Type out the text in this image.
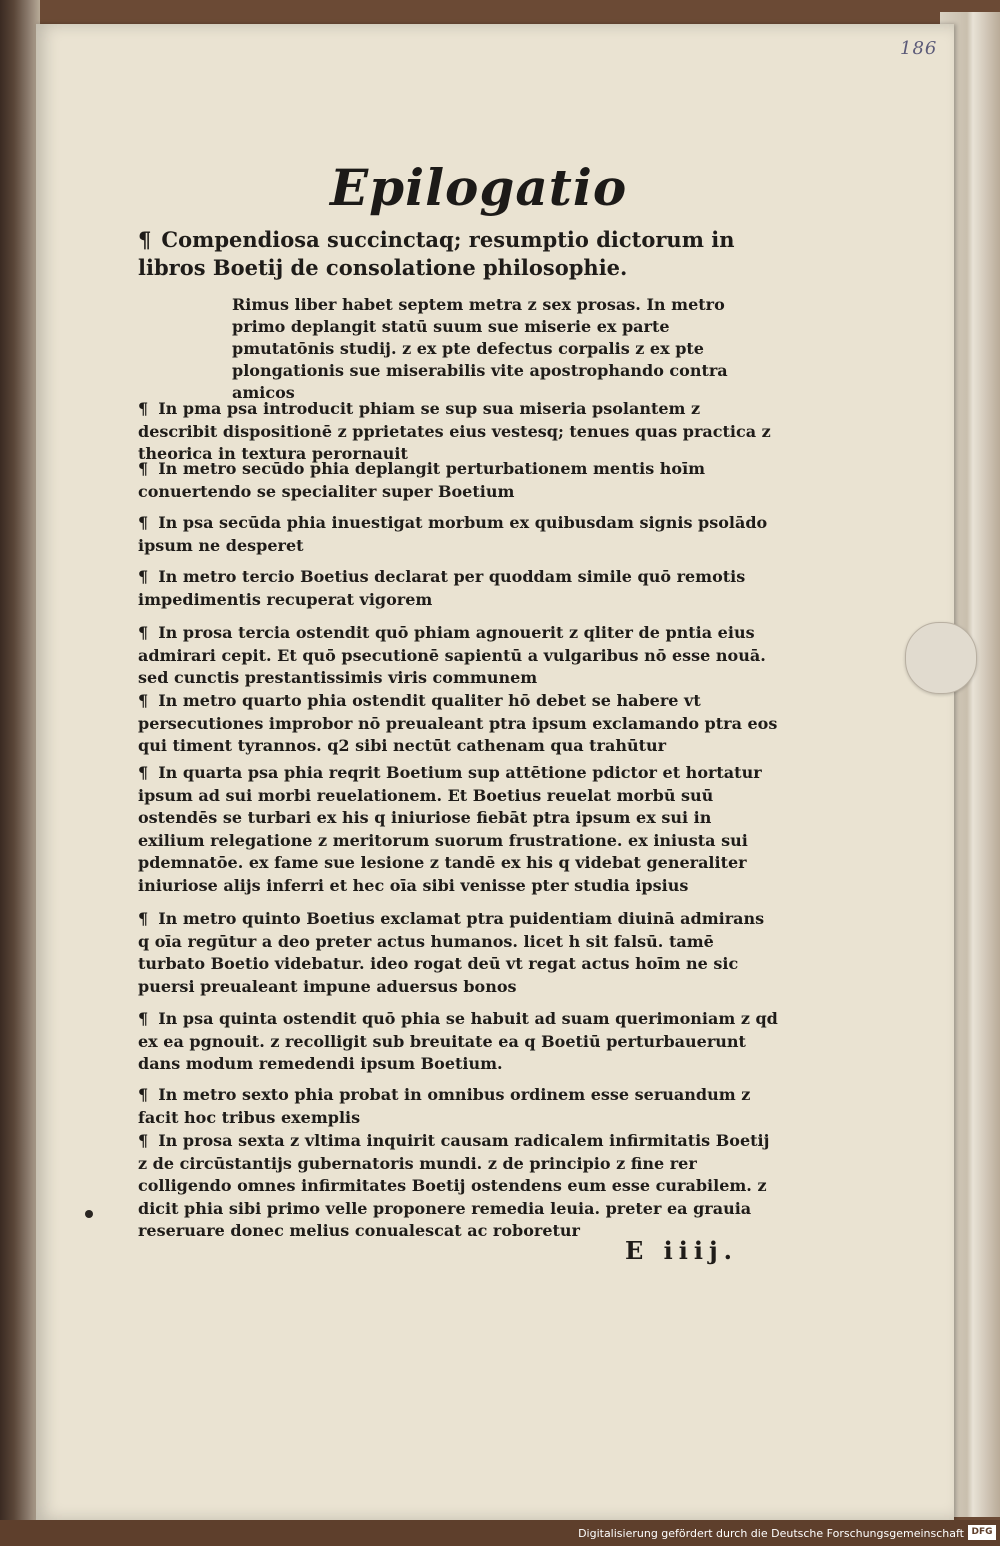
186
Epilogatio
¶ Compendiosa succinctaq; resumptio dictorum in libros Boetij de consolatione philosophie.
Rimus liber habet septem metra z sex prosas. In metro primo deplangit statū suum sue miserie ex parte pmutatōnis studij. z ex pte defectus corpalis z ex pte plongationis sue miserabilis vite apostrophando contra amicos
¶ In pma psa introducit phiam se sup sua miseria psolantem z describit dispositionē z pprietates eius vestesq; tenues quas practica z theorica in textura perornauit
¶ In metro secūdo phia deplangit perturbationem mentis hoīm conuertendo se specialiter super Boetium
¶ In psa secūda phia inuestigat morbum ex quibusdam signis psolādo ipsum ne desperet
¶ In metro tercio Boetius declarat per quoddam simile quō remotis impedimentis recuperat vigorem
¶ In prosa tercia ostendit quō phiam agnouerit z qliter de pntia eius admirari cepit. Et quō psecutionē sapientū a vulgaribus nō esse nouā. sed cunctis prestantissimis viris communem
¶ In metro quarto phia ostendit qualiter hō debet se habere vt persecutiones improbor nō preualeant ptra ipsum exclamando ptra eos qui timent tyrannos. q2 sibi nectūt cathenam qua trahūtur
¶ In quarta psa phia reqrit Boetium sup attētione pdictor et hortatur ipsum ad sui morbi reuelationem. Et Boetius reuelat morbū suū ostendēs se turbari ex his q iniuriose fiebāt ptra ipsum ex sui in exilium relegatione z meritorum suorum frustratione. ex iniusta sui pdemnatōe. ex fame sue lesione z tandē ex his q videbat generaliter iniuriose alijs inferri et hec oīa sibi venisse pter studia ipsius
¶ In metro quinto Boetius exclamat ptra puidentiam diuinā admirans q oīa regūtur a deo preter actus humanos. licet h sit falsū. tamē turbato Boetio videbatur. ideo rogat deū vt regat actus hoīm ne sic puersi preualeant impune aduersus bonos
¶ In psa quinta ostendit quō phia se habuit ad suam querimoniam z qd ex ea pgnouit. z recolligit sub breuitate ea q Boetiū perturbauerunt dans modum remedendi ipsum Boetium.
¶ In metro sexto phia probat in omnibus ordinem esse seruandum z facit hoc tribus exemplis
¶ In prosa sexta z vltima inquirit causam radicalem infirmitatis Boetij z de circūstantijs gubernatoris mundi. z de principio z fine rer colligendo omnes infirmitates Boetij ostendens eum esse curabilem. z dicit phia sibi primo velle proponere remedia leuia. preter ea grauia reseruare donec melius conualescat ac roboretur
E iiij.
Digitalisierung gefördert durch die Deutsche Forschungsgemeinschaft DFG
